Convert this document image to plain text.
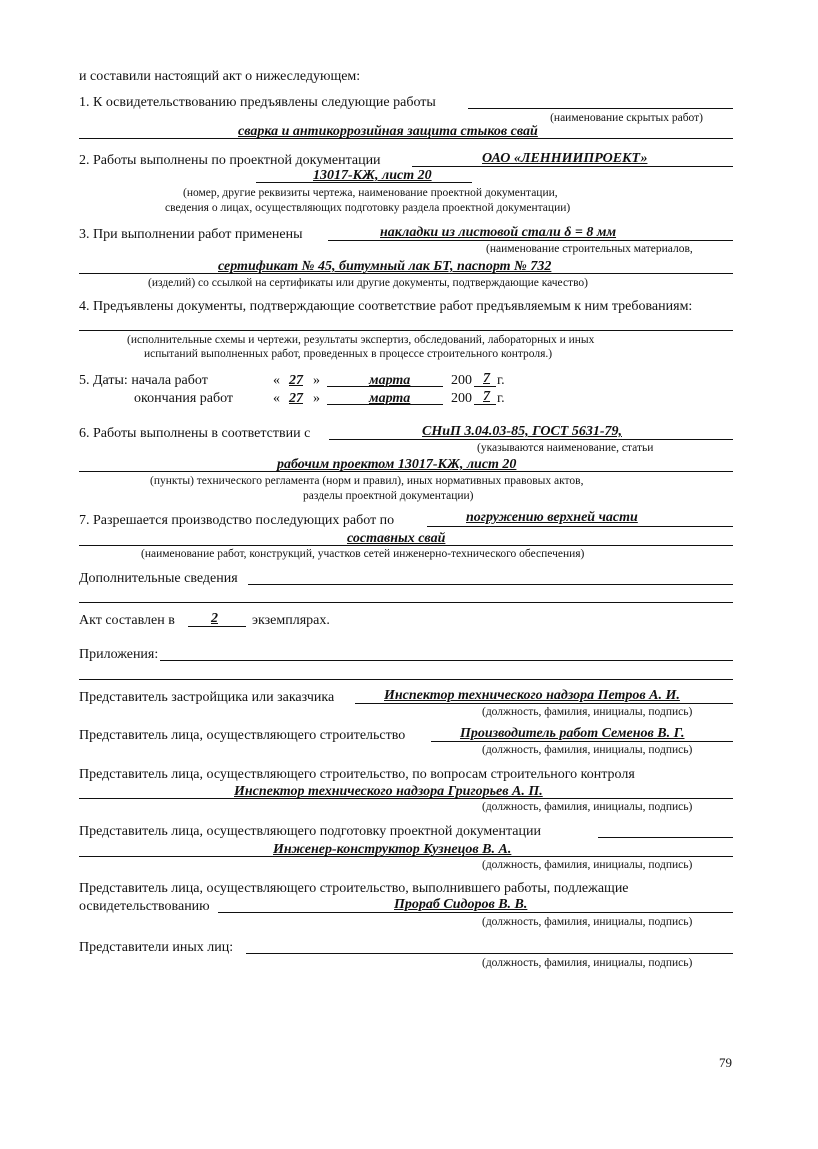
и составили настоящий акт о нижеследующем:
1. К освидетельствованию предъявлены следующие работы
(наименование скрытых работ)
сварка и антикоррозийная защита стыков свай
2. Работы выполнены по проектной документации	ОАО «ЛЕННИИПРОЕКТ»
13017-КЖ, лист 20
(номер, другие реквизиты чертежа, наименование проектной документации,
сведения о лицах, осуществляющих подготовку раздела проектной документации)
3. При выполнении работ применены	накладки из листовой стали δ = 8 мм
(наименование строительных материалов,
сертификат № 45, битумный лак БТ, паспорт № 732
(изделий) со ссылкой на сертификаты или другие документы, подтверждающие качество)
4. Предъявлены документы, подтверждающие соответствие работ предъявляемым к ним требованиям:
(исполнительные схемы и чертежи, результаты экспертиз, обследований, лабораторных и иных
испытаний выполненных работ, проведенных в процессе строительного контроля.)
5. Даты: начала работ	« 27 »	марта	200 7 г.
окончания работ	« 27 »	марта	200 7 г.
6. Работы выполнены в соответствии с	СНиП 3.04.03-85, ГОСТ 5631-79,
(указываются наименование, статьи
рабочим проектом 13017-КЖ, лист 20
(пункты) технического регламента (норм и правил), иных нормативных правовых актов,
разделы проектной документации)
7. Разрешается производство последующих работ по	погружению верхней части
составных свай
(наименование работ, конструкций, участков сетей инженерно-технического обеспечения)
Дополнительные сведения
Акт составлен в	2 экземплярах.
Приложения:
Представитель застройщика или заказчика	Инспектор технического надзора Петров А. И.
(должность, фамилия, инициалы, подпись)
Представитель лица, осуществляющего строительство	Производитель работ Семенов В. Г.
(должность, фамилия, инициалы, подпись)
Представитель лица, осуществляющего строительство, по вопросам строительного контроля
Инспектор технического надзора Григорьев А. П.
(должность, фамилия, инициалы, подпись)
Представитель лица, осуществляющего подготовку проектной документации
Инженер-конструктор Кузнецов В. А.
(должность, фамилия, инициалы, подпись)
Представитель лица, осуществляющего строительство, выполнившего работы, подлежащие
освидетельствованию	Прораб Сидоров В. В.
(должность, фамилия, инициалы, подпись)
Представители иных лиц:
(должность, фамилия, инициалы, подпись)
79
